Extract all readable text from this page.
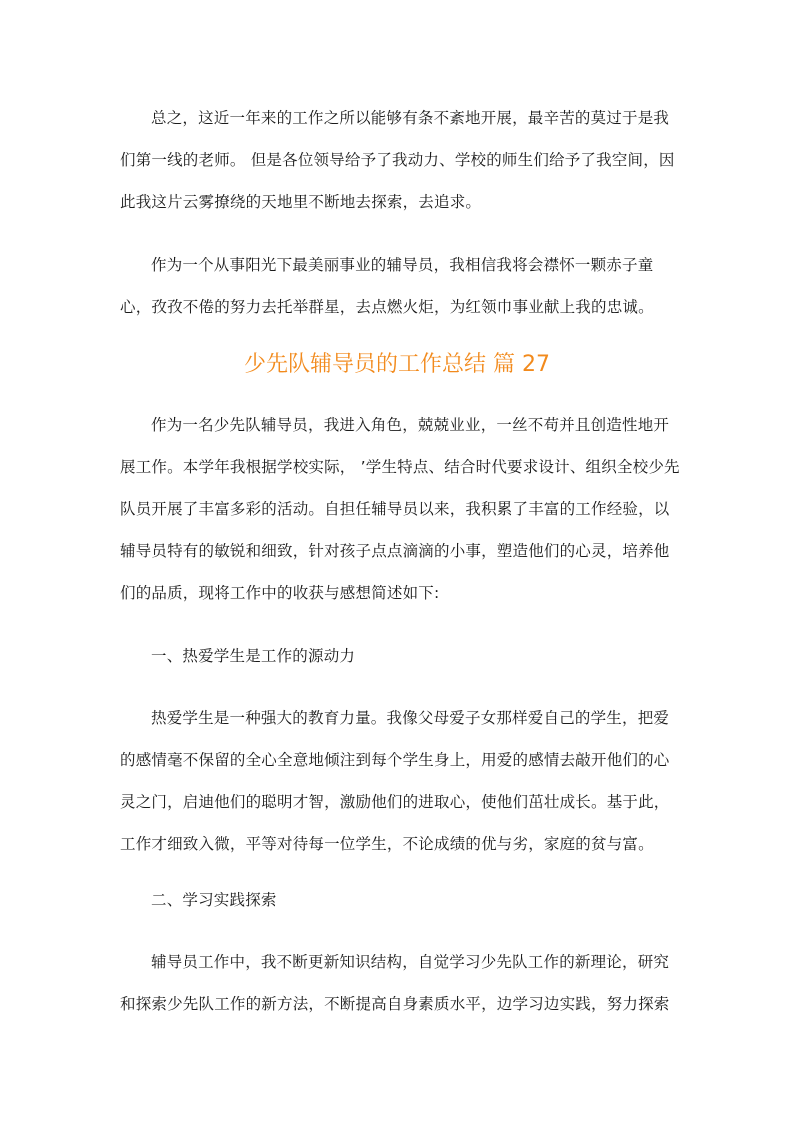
总之，这近一年来的工作之所以能够有条不紊地开展，最辛苦的莫过于是我们第一线的老师。 但是各位领导给予了我动力、学校的师生们给予了我空间，因此我这片云雾撩绕的天地里不断地去探索，去追求。

作为一个从事阳光下最美丽事业的辅导员，我相信我将会襟怀一颗赤子童心，孜孜不倦的努力去托举群星，去点燃火炬，为红领巾事业献上我的忠诚。

少先队辅导员的工作总结 篇 27

作为一名少先队辅导员，我进入角色，兢兢业业，一丝不苟并且创造性地开展工作。本学年我根据学校实际， ’学生特点、结合时代要求设计、组织全校少先队员开展了丰富多彩的活动。自担任辅导员以来，我积累了丰富的工作经验，以辅导员特有的敏锐和细致，针对孩子点点滴滴的小事，塑造他们的心灵，培养他们的品质，现将工作中的收获与感想简述如下:

一、热爱学生是工作的源动力

热爱学生是一种强大的教育力量。我像父母爱子女那样爱自己的学生，把爱的感情毫不保留的全心全意地倾注到每个学生身上，用爱的感情去敲开他们的心灵之门，启迪他们的聪明才智，激励他们的进取心，使他们茁壮成长。基于此，工作才细致入微，平等对待每一位学生，不论成绩的优与劣，家庭的贫与富。

二、学习实践探索

辅导员工作中，我不断更新知识结构，自觉学习少先队工作的新理论，研究和探索少先队工作的新方法，不断提高自身素质水平，边学习边实践，努力探索
